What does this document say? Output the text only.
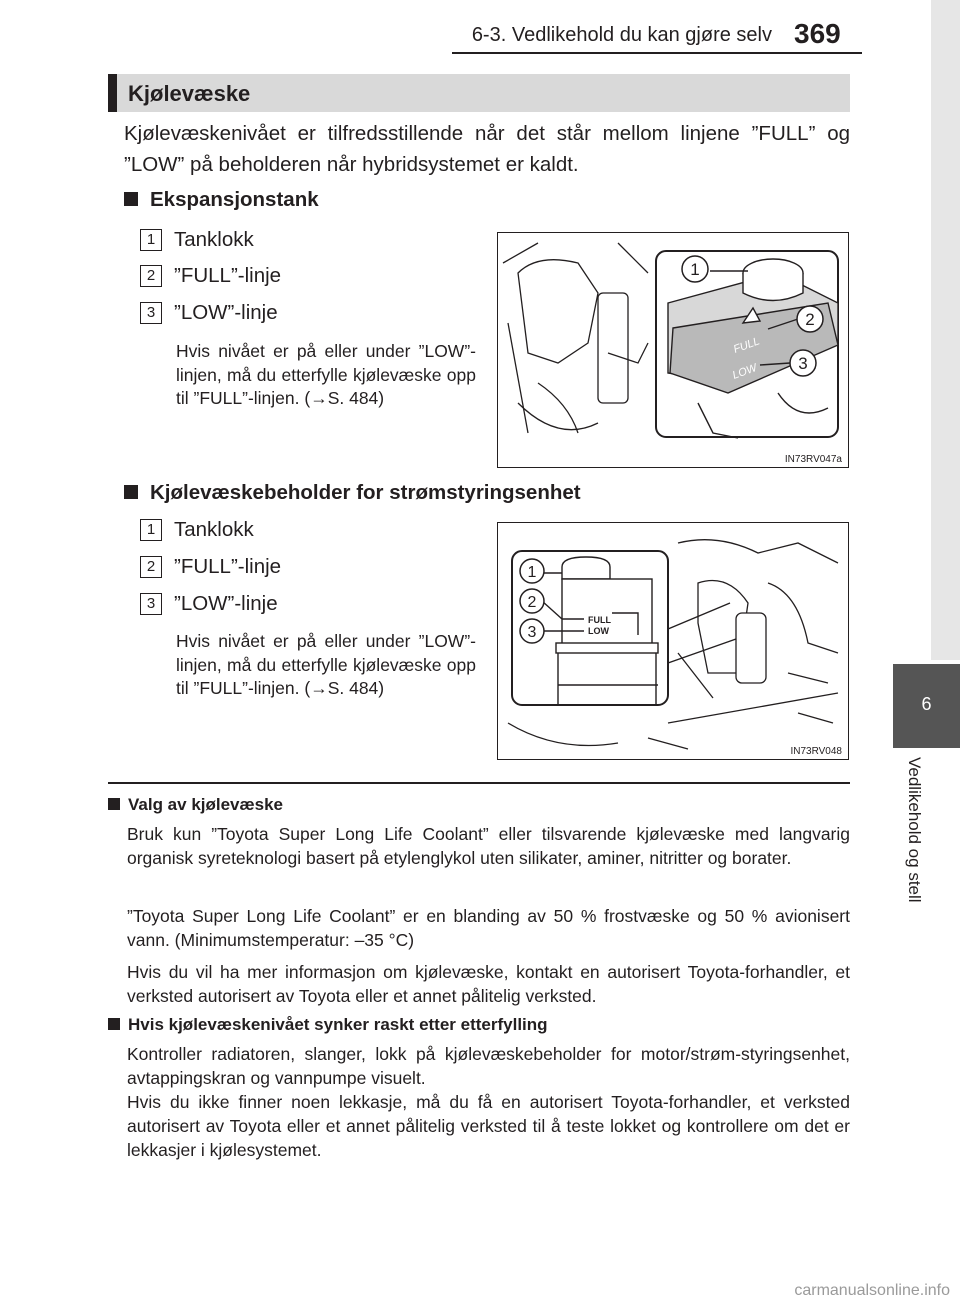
6-3. Vedlikehold du kan gjøre selv 369
6
Vedlikehold og stell
Kjølevæske
Kjølevæskenivået er tilfredsstillende når det står mellom linjene ”FULL” og ”LOW” på beholderen når hybridsystemet er kaldt.
Ekspansjonstank
1 Tanklokk
2 ”FULL”-linje
3 ”LOW”-linje
Hvis nivået er på eller under ”LOW”-linjen, må du etterfylle kjølevæske opp til ”FULL”-linjen. (→S. 484)
FULL
LOW
1
2
3
IN73RV047a
Kjølevæskebeholder for strømstyringsenhet
1 Tanklokk
2 ”FULL”-linje
3 ”LOW”-linje
Hvis nivået er på eller under ”LOW”-linjen, må du etterfylle kjølevæske opp til ”FULL”-linjen. (→S. 484)
FULL
LOW
1
2
3
IN73RV048
Valg av kjølevæske
Bruk kun ”Toyota Super Long Life Coolant” eller tilsvarende kjølevæske med langvarig organisk syreteknologi basert på etylenglykol uten silikater, aminer, nitritter og borater.
”Toyota Super Long Life Coolant” er en blanding av 50 % frostvæske og 50 % avionisert vann. (Minimumstemperatur: –35 °C)
Hvis du vil ha mer informasjon om kjølevæske, kontakt en autorisert Toyota-forhandler, et verksted autorisert av Toyota eller et annet pålitelig verksted.
Hvis kjølevæskenivået synker raskt etter etterfylling
Kontroller radiatoren, slanger, lokk på kjølevæskebeholder for motor/strøm-styringsenhet, avtappingskran og vannpumpe visuelt.
Hvis du ikke finner noen lekkasje, må du få en autorisert Toyota-forhandler, et verksted autorisert av Toyota eller et annet pålitelig verksted til å teste lokket og kontrollere om det er lekkasjer i kjølesystemet.
carmanualsonline.info
